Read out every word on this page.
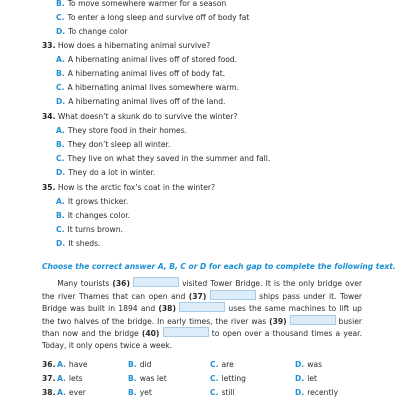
B. To move somewhere warmer for a season
C. To enter a long sleep and survive off of body fat
D. To change color
33. How does a hibernating animal survive?
A. A hibernating animal lives off of stored food.
B. A hibernating animal lives off of body fat.
C. A hibernating animal lives somewhere warm.
D. A hibernating animal lives off of the land.
34. What doesn’t a skunk do to survive the winter?
A. They store food in their homes.
B. They don’t sleep all winter.
C. They live on what they saved in the summer and fall.
D. They do a lot in winter.
35. How is the arctic fox’s coat in the winter?
A. It grows thicker.
B. It changes color.
C. It turns brown.
D. It sheds.
Choose the correct answer A, B, C or D for each gap to complete the following text.
  Many tourists (36)	visited Tower Bridge. It is the only bridge over the river Thames that can open and (37)	ships pass under it. Tower Bridge was built in 1894 and (38)	uses the same machines to lift up the two halves of the bridge. In early times, the river was (39)	busier than now and the bridge (40)	to open over a thousand times a year. Today, it only opens twice a week.
36. A. have	B. did	C. are	D. was
37. A. lets	B. was let	C. letting	D. let
38. A. ever	B. yet	C. still	D. recently
